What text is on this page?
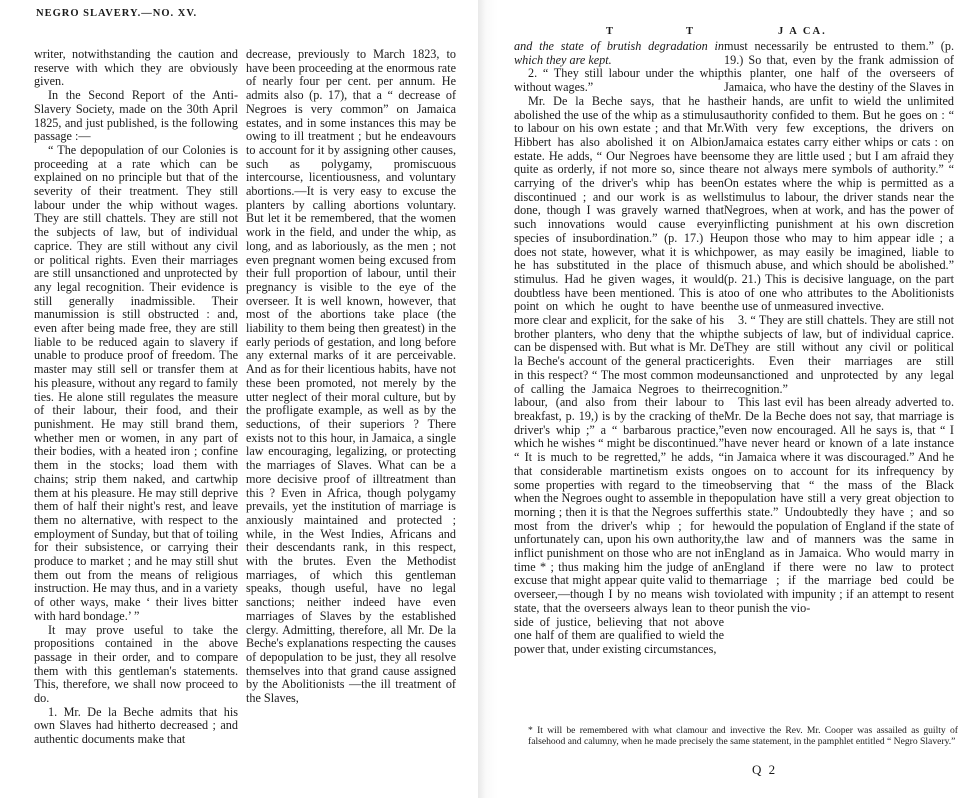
NEGRO SLAVERY.—NO. XV.

writer, notwithstanding the caution and reserve with which they are obviously given.

In the Second Report of the Anti-Slavery Society, made on the 30th April 1825, and just published, is the following passage :—

“ The depopulation of our Colonies is proceeding at a rate which can be explained on no principle but that of the severity of their treatment. They still labour under the whip without wages. They are still chattels. They are still not the subjects of law, but of individual caprice. They are still without any civil or political rights. Even their marriages are still unsanctioned and unprotected by any legal recognition. Their evidence is still generally inadmissible. Their manumission is still obstructed : and, even after being made free, they are still liable to be reduced again to slavery if unable to produce proof of freedom. The master may still sell or transfer them at his pleasure, without any regard to family ties. He alone still regulates the measure of their labour, their food, and their punishment. He may still brand them, whether men or women, in any part of their bodies, with a heated iron ; confine them in the stocks; load them with chains; strip them naked, and cartwhip them at his pleasure. He may still deprive them of half their night's rest, and leave them no alternative, with respect to the employment of Sunday, but that of toiling for their subsistence, or carrying their produce to market ; and he may still shut them out from the means of religious instruction. He may thus, and in a variety of other ways, make ‘ their lives bitter with hard bondage.’ ”

It may prove useful to take the propositions contained in the above passage in their order, and to compare them with this gentleman's statements. This, therefore, we shall now proceed to do.

1. Mr. De la Beche admits that his own Slaves had hitherto decreased ; and authentic documents make that

decrease, previously to March 1823, to have been proceeding at the enormous rate of nearly four per cent. per annum. He admits also (p. 17), that a “ decrease of Negroes is very common” on Jamaica estates, and in some instances this may be owing to ill treatment ; but he endeavours to account for it by assigning other causes, such as polygamy, promiscuous intercourse, licentiousness, and voluntary abortions.—It is very easy to excuse the planters by calling abortions voluntary. But let it be remembered, that the women work in the field, and under the whip, as long, and as laboriously, as the men ; not even pregnant women being excused from their full proportion of labour, until their pregnancy is visible to the eye of the overseer. It is well known, however, that most of the abortions take place (the liability to them being then greatest) in the early periods of gestation, and long before any external marks of it are perceivable. And as for their licentious habits, have not these been promoted, not merely by the utter neglect of their moral culture, but by the profligate example, as well as by the seductions, of their superiors ? There exists not to this hour, in Jamaica, a single law encouraging, legalizing, or protecting the marriages of Slaves. What can be a more decisive proof of illtreatment than this ? Even in Africa, though polygamy prevails, yet the institution of marriage is anxiously maintained and protected ; while, in the West Indies, Africans and their descendants rank, in this respect, with the brutes. Even the Methodist marriages, of which this gentleman speaks, though useful, have no legal sanctions; neither indeed have even marriages of Slaves by the established clergy. Admitting, therefore, all Mr. De la Beche's explanations respecting the causes of depopulation to be just, they all resolve themselves into that grand cause assigned by the Abolitionists —the ill treatment of the Slaves,

T	T	J A CA.

and the state of brutish degradation in which they are kept.

2. “ They still labour under the whip without wages.”

Mr. De la Beche says, that he has abolished the use of the whip as a stimulus to labour on his own estate ; and that Mr. Hibbert has also abolished it on Albion estate. He adds, “ Our Negroes have been quite as orderly, if not more so, since the carrying of the driver's whip has been discontinued ; and our work is as well done, though I was gravely warned that such innovations would cause every species of insubordination.” (p. 17.) He does not state, however, what it is which he has substituted in the place of this stimulus. Had he given wages, it would doubtless have been mentioned. This is a point on which he ought to have been more clear and explicit, for the sake of his brother planters, who deny that the whip can be dispensed with. But what is Mr. De la Beche's account of the general practice in this respect? “ The most common mode of calling the Jamaica Negroes to their labour, (and also from their labour to breakfast, p. 19,) is by the cracking of the driver's whip ;” a “ barbarous practice,” which he wishes “ might be discontinued.” “ It is much to be regretted,” he adds, “ that considerable martinetism exists on some properties with regard to the time when the Negroes ought to assemble in the morning ; then it is that the Negroes suffer most from the driver's whip ; for he unfortunately can, upon his own authority, inflict punishment on those who are not in time * ; thus making him the judge of an excuse that might appear quite valid to the overseer,—though I by no means wish to state, that the overseers always lean to the side of justice, believing that not above one half of them are qualified to wield the power that, under existing circumstances,

must necessarily be entrusted to them.” (p. 19.) So that, even by the frank admission of this planter, one half of the overseers of Jamaica, who have the destiny of the Slaves in their hands, are unfit to wield the unlimited authority confided to them. But he goes on : “ With very few exceptions, the drivers on Jamaica estates carry either whips or cats : on some they are little used ; but I am afraid they are not always mere symbols of authority.” “ On estates where the whip is permitted as a stimulus to labour, the driver stands near the Negroes, when at work, and has the power of inflicting punishment at his own discretion upon those who may to him appear idle ; a power, as may easily be imagined, liable to much abuse, and which should be abolished.” (p. 21.) This is decisive language, on the part too of one who attributes to the Abolitionists the use of unmeasured invective.

3. “ They are still chattels. They are still not the subjects of law, but of individual caprice. They are still without any civil or political rights. Even their marriages are still unsanctioned and unprotected by any legal recognition.”

This last evil has been already adverted to. Mr. De la Beche does not say, that marriage is even now encouraged. All he says is, that “ I have never heard or known of a late instance in Jamaica where it was discouraged.” And he goes on to account for its infrequency by observing that “ the mass of the Black population have still a very great objection to this state.” Undoubtedly they have ; and so would the population of England if the state of the law and of manners was the same in England as in Jamaica. Who would marry in England if there were no law to protect marriage ; if the marriage bed could be violated with impunity ; if an attempt to resent or punish the vio-

* It will be remembered with what clamour and invective the Rev. Mr. Cooper was assailed as guilty of falsehood and calumny, when he made precisely the same statement, in the pamphlet entitled “ Negro Slavery.”
Q 2
